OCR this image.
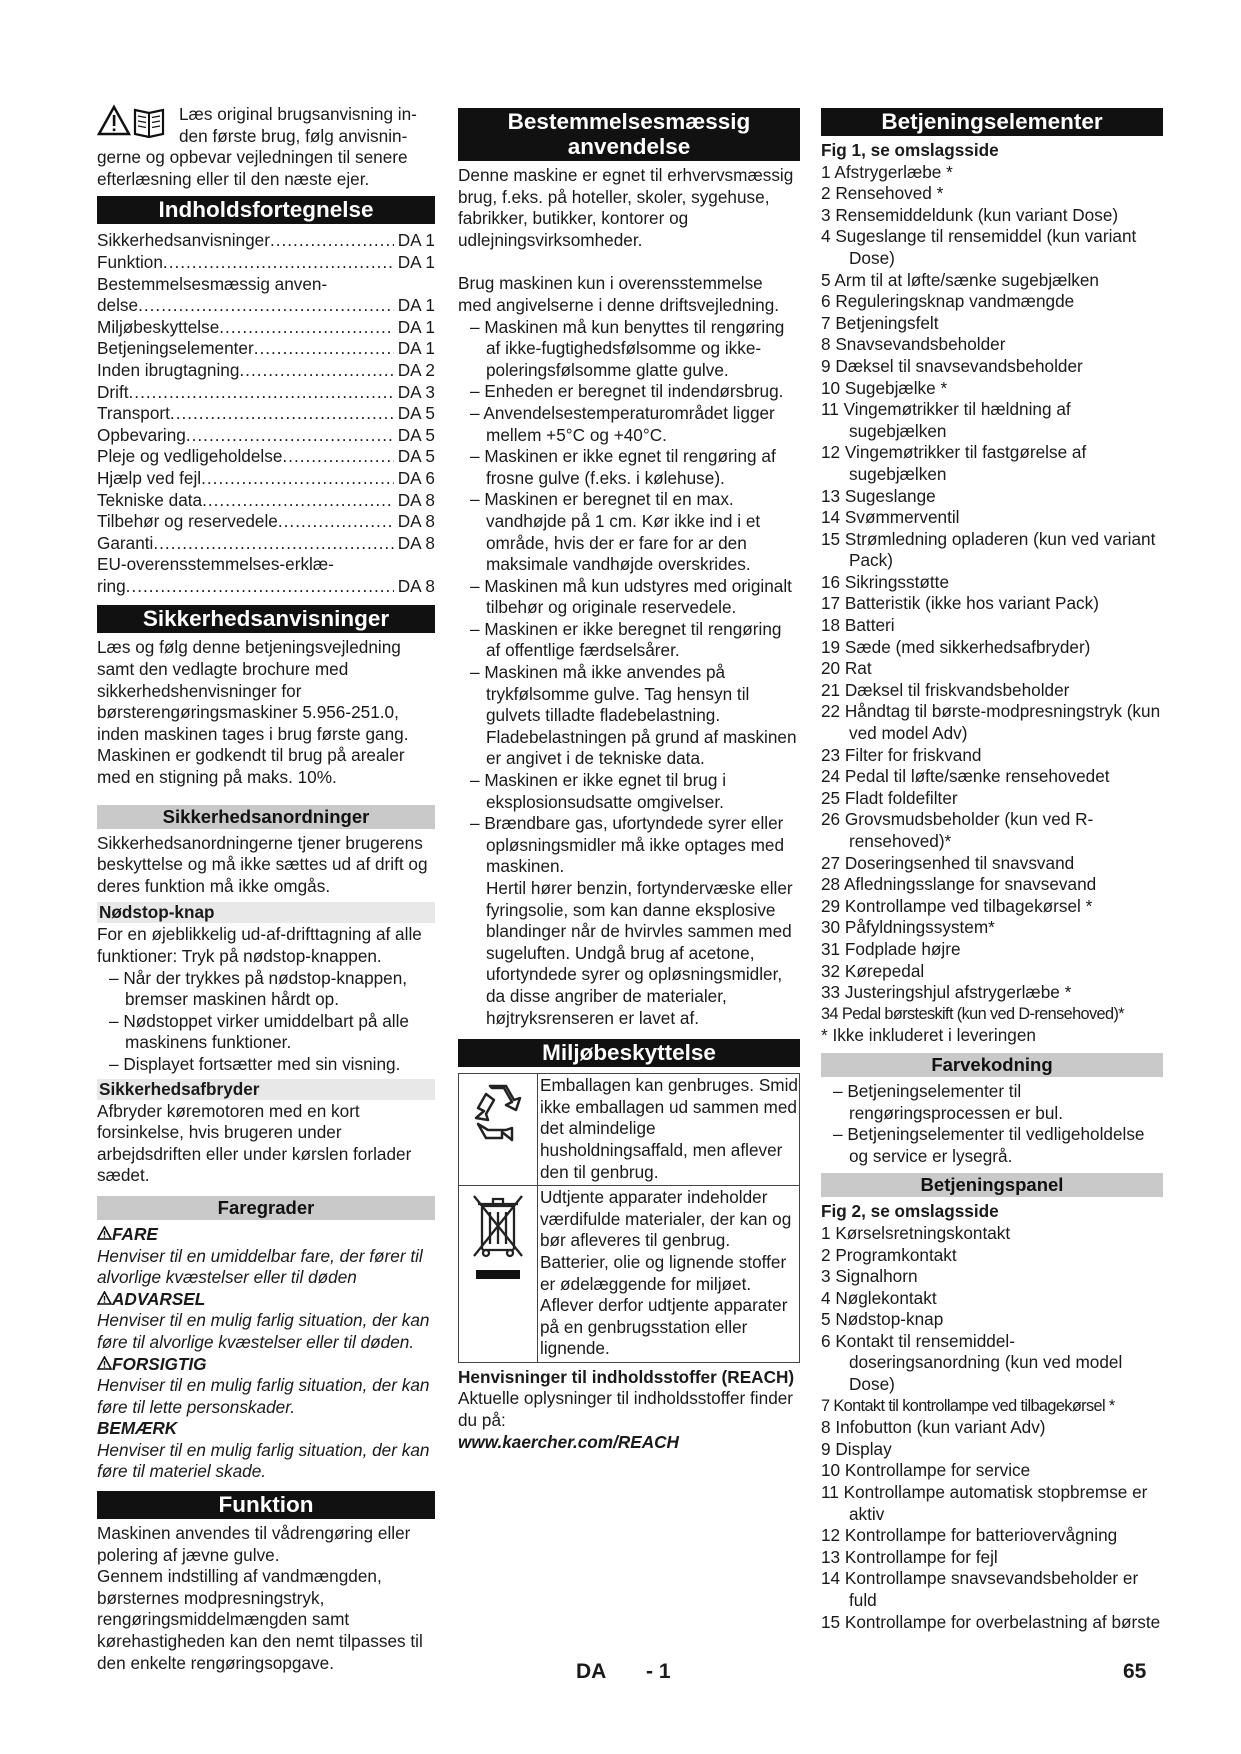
Læs original brugsanvisning in-

den første brug, følg anvisnin-

gerne og opbevar vejledningen til senere

efterlæsning eller til den næste ejer.

Indholdsfortegnelse
Sikkerhedsanvisninger .....	DA 1
Funktion .....	DA 1
Bestemmelsesmæssig anven-
delse .....	DA 1
Miljøbeskyttelse .....	DA 1
Betjeningselementer .....	DA 1
Inden ibrugtagning .....	DA 2
Drift .....	DA 3
Transport .....	DA 5
Opbevaring .....	DA 5
Pleje og vedligeholdelse .....	DA 5
Hjælp ved fejl .....	DA 6
Tekniske data .....	DA 8
Tilbehør og reservedele .....	DA 8
Garanti .....	DA 8
EU-overensstemmelses-erklæ-
ring .....	DA 8
Sikkerhedsanvisninger

Læs og følg denne betjeningsvejledning samt den vedlagte brochure med sikkerhedshenvisninger for børsterengøringsmaskiner 5.956-251.0, inden maskinen tages i brug første gang.

Maskinen er godkendt til brug på arealer med en stigning på maks. 10%.

Sikkerhedsanordninger

Sikkerhedsanordningerne tjener brugerens beskyttelse og må ikke sættes ud af drift og deres funktion må ikke omgås.

Nødstop-knap

For en øjeblikkelig ud-af-drifttagning af alle funktioner: Tryk på nødstop-knappen.

– Når der trykkes på nødstop-knappen, bremser maskinen hårdt op.
– Nødstoppet virker umiddelbart på alle maskinens funktioner.
– Displayet fortsætter med sin visning.
Sikkerhedsafbryder

Afbryder køremotoren med en kort forsinkelse, hvis brugeren under arbejdsdriften eller under kørslen forlader sædet.

Faregrader
FARE
Henviser til en umiddelbar fare, der fører til alvorlige kvæstelser eller til døden
ADVARSEL
Henviser til en mulig farlig situation, der kan føre til alvorlige kvæstelser eller til døden.
FORSIGTIG
Henviser til en mulig farlig situation, der kan føre til lette personskader.
BEMÆRK
Henviser til en mulig farlig situation, der kan føre til materiel skade.
Funktion

Maskinen anvendes til vådrengøring eller polering af jævne gulve.

Gennem indstilling af vandmængden, børsternes modpresningstryk, rengøringsmiddelmængden samt kørehastigheden kan den nemt tilpasses til den enkelte rengøringsopgave.

Bestemmelsesmæssig
anvendelse

Denne maskine er egnet til erhvervsmæssig brug, f.eks. på hoteller, skoler, sygehuse, fabrikker, butikker, kontorer og udlejningsvirksomheder.

Brug maskinen kun i overensstemmelse med angivelserne i denne driftsvejledning.

– Maskinen må kun benyttes til rengøring af ikke-fugtighedsfølsomme og ikke-poleringsfølsomme glatte gulve.
– Enheden er beregnet til indendørsbrug.
– Anvendelsestemperaturområdet ligger mellem +5°C og +40°C.
– Maskinen er ikke egnet til rengøring af frosne gulve (f.eks. i kølehuse).
– Maskinen er beregnet til en max. vandhøjde på 1 cm. Kør ikke ind i et område, hvis der er fare for ar den maksimale vandhøjde overskrides.
– Maskinen må kun udstyres med originalt tilbehør og originale reservedele.
– Maskinen er ikke beregnet til rengøring af offentlige færdselsårer.
– Maskinen må ikke anvendes på trykfølsomme gulve. Tag hensyn til gulvets tilladte fladebelastning. Fladebelastningen på grund af maskinen er angivet i de tekniske data.
– Maskinen er ikke egnet til brug i eksplosionsudsatte omgivelser.
– Brændbare gas, ufortyndede syrer eller opløsningsmidler må ikke optages med maskinen.

Hertil hører benzin, fortyndervæske eller fyringsolie, som kan danne eksplosive blandinger når de hvirvles sammen med sugeluften. Undgå brug af acetone, ufortyndede syrer og opløsningsmidler, da disse angriber de materialer, højtryksrenseren er lavet af.

Miljøbeskyttelse
Emballagen kan genbruges. Smid ikke emballagen ud sammen med det almindelige husholdningsaffald, men aflever den til genbrug.
Udtjente apparater indeholder værdifulde materialer, der kan og bør afleveres til genbrug. Batterier, olie og lignende stoffer er ødelæggende for miljøet. Aflever derfor udtjente apparater på en genbrugsstation eller lignende.

Henvisninger til indholdsstoffer (REACH)

Aktuelle oplysninger til indholdsstoffer finder du på:

www.kaercher.com/REACH

Betjeningselementer

Fig 1, se omslagsside

1 Afstrygerlæbe *
2 Rensehoved *
3 Rensemiddeldunk (kun variant Dose)
4 Sugeslange til rensemiddel (kun variant Dose)
5 Arm til at løfte/sænke sugebjælken
6 Reguleringsknap vandmængde
7 Betjeningsfelt
8 Snavsevandsbeholder
9 Dæksel til snavsevandsbeholder
10 Sugebjælke *
11 Vingemøtrikker til hældning af sugebjælken
12 Vingemøtrikker til fastgørelse af sugebjælken
13 Sugeslange
14 Svømmerventil
15 Strømledning opladeren (kun ved variant Pack)
16 Sikringsstøtte
17 Batteristik (ikke hos variant Pack)
18 Batteri
19 Sæde (med sikkerhedsafbryder)
20 Rat
21 Dæksel til friskvandsbeholder
22 Håndtag til børste-modpresningstryk (kun ved model Adv)
23 Filter for friskvand
24 Pedal til løfte/sænke rensehovedet
25 Fladt foldefilter
26 Grovsmudsbeholder (kun ved R-rensehoved)*
27 Doseringsenhed til snavsvand
28 Afledningsslange for snavsevand
29 Kontrollampe ved tilbagekørsel *
30 Påfyldningssystem*
31 Fodplade højre
32 Kørepedal
33 Justeringshjul afstrygerlæbe *
34 Pedal børsteskift (kun ved D-rensehoved)*

* Ikke inkluderet i leveringen

Farvekodning
– Betjeningselementer til rengøringsprocessen er bul.
– Betjeningselementer til vedligeholdelse og service er lysegrå.
Betjeningspanel

Fig 2, se omslagsside

1 Kørselsretningskontakt
2 Programkontakt
3 Signalhorn
4 Nøglekontakt
5 Nødstop-knap
6 Kontakt til rensemiddel-doseringsanordning (kun ved model Dose)
7 Kontakt til kontrollampe ved tilbagekørsel *
8 Infobutton (kun variant Adv)
9 Display
10 Kontrollampe for service
11 Kontrollampe automatisk stopbremse er aktiv
12 Kontrollampe for batteriovervågning
13 Kontrollampe for fejl
14 Kontrollampe snavsevandsbeholder er fuld
15 Kontrollampe for overbelastning af børste
DA - 1	65
